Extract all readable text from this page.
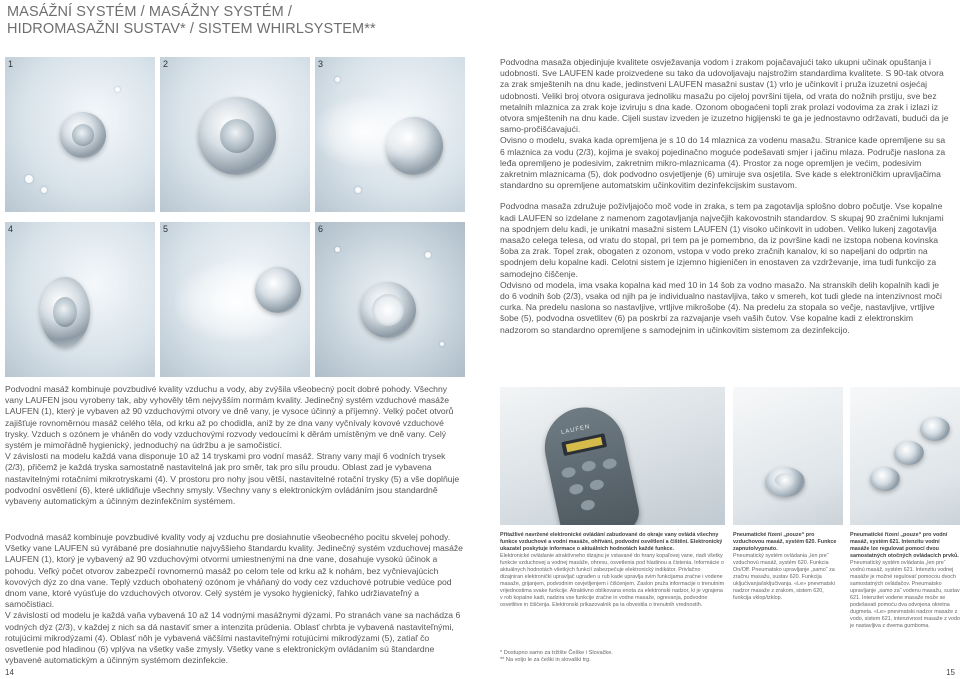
MASÁŽNÍ SYSTÉM / MASÁŽNY SYSTÉM /
HIDROMASAŽNI SUSTAV* / SISTEM WHIRLSYSTEM**
1	2	3
4	5	6

Podvodna masaža objedinjuje kvalitete osvježavanja vodom i zrakom pojačavajući tako ukupni učinak opuštanja i udobnosti. Sve LAUFEN kade proizvedene su tako da udovoljavaju najstrožim standardima kvalitete. S 90-tak otvora za zrak smještenih na dnu kade, jedinstveni LAUFEN masažni sustav (1) vrlo je učinkovit i pruža izuzetni osjećaj udobnosti. Veliki broj otvora osigurava jednoliku masažu po cijeloj površini tijela, od vrata do nožnih prstiju, sve bez metalnih mlaznica za zrak koje izviruju s dna kade. Ozonom obogaćeni topli zrak prolazi vodovima za zrak i izlazi iz otvora smještenih na dnu kade. Cijeli sustav izveden je izuzetno higijenski te ga je jednostavno održavati, budući da je samo-pročišćavajući.

Ovisno o modelu, svaka kada opremljena je s 10 do 14 mlaznica za vodenu masažu. Stranice kade opremljene su sa 6 mlaznica za vodu (2/3), kojima je svakoj pojedinačno moguće podešavati smjer i jačinu mlaza. Područje naslona za leđa opremljeno je podesivim, zakretnim mikro-mlaznicama (4). Prostor za noge opremljen je većim, podesivim zakretnim mlaznicama (5), dok podvodno osvjetljenje (6) umiruje sva osjetila. Sve kade s elektroničkim upravljačima standardno su opremljene automatskim učinkovitim dezinfekcijskim sustavom.

Podvodna masaža združuje poživljajočo moč vode in zraka, s tem pa zagotavlja splošno dobro počutje. Vse kopalne kadi LAUFEN so izdelane z namenom zagotavljanja največjih kakovostnih standardov. S skupaj 90 zračnimi luknjami na spodnjem delu kadi, je unikatni masažni sistem LAUFEN (1) visoko učinkovit in udoben. Veliko lukenj zagotavlja masažo celega telesa, od vratu do stopal, pri tem pa je pomembno, da iz površine kadi ne izstopa nobena kovinska šoba za zrak. Topel zrak, obogaten z ozonom, vstopa v vodo preko zračnih kanalov, ki so napeljani do odprtin na spodnjem delu kopalne kadi. Celotni sistem je izjemno higieničen in enostaven za vzdrževanje, ima tudi funkcijo za samodejno čiščenje.

Odvisno od modela, ima vsaka kopalna kad med 10 in 14 šob za vodno masažo. Na stranskih delih kopalnih kadi je do 6 vodnih šob (2/3), vsaka od njih pa je individualno nastavljiva, tako v smereh, kot tudi glede na intenzivnost moči curka. Na predelu naslona so nastavljive, vrtljive mikrošobe (4). Na predelu za stopala so večje, nastavljive, vrtljive šobe (5), podvodna osvetlitev (6) pa poskrbi za razvajanje vseh vaših čutov. Vse kopalne kadi z elektronskim nadzorom so standardno opremljene s samodejnim in učinkovitim sistemom za dezinfekcijo.

Podvodní masáž kombinuje povzbudivé kvality vzduchu a vody, aby zvýšila všeobecný pocit dobré pohody. Všechny vany LAUFEN jsou vyrobeny tak, aby vyhověly těm nejvyšším normám kvality. Jedinečný systém vzduchové masáže LAUFEN (1), který je vybaven až 90 vzduchovými otvory ve dně vany, je vysoce účinný a příjemný. Velký počet otvorů zajišťuje rovnoměrnou masáž celého těla, od krku až po chodidla, aniž by ze dna vany vyčnívaly kovové vzduchové trysky. Vzduch s ozónem je vháněn do vody vzduchovými rozvody vedoucími k děrám umístěným ve dně vany. Celý systém je mimořádně hygienický, jednoduchý na údržbu a je samočisticí.

V závislosti na modelu každá vana disponuje 10 až 14 tryskami pro vodní masáž. Strany vany mají 6 vodních trysek (2/3), přičemž je každá tryska samostatně nastavitelná jak pro směr, tak pro sílu proudu. Oblast zad je vybavena nastavitelnými rotačními mikrotryskami (4). V prostoru pro nohy jsou větší, nastavitelné rotační trysky (5) a vše doplňuje podvodní osvětlení (6), které uklidňuje všechny smysly. Všechny vany s elektronickým ovládáním jsou standardně vybaveny automatickým a účinným dezinfekčním systémem.

Podvodná masáž kombinuje povzbudivé kvality vody aj vzduchu pre dosiahnutie všeobecného pocitu skvelej pohody. Všetky vane LAUFEN sú vyrábané pre dosiahnutie najvyššieho štandardu kvality. Jedinečný systém vzduchovej masáže LAUFEN (1), ktorý je vybavený až 90 vzduchovými otvormi umiestnenými na dne vane, dosahuje vysokú účinok a pohodu. Veľký počet otvorov zabezpečí rovnomernú masáž po celom tele od krku až k nohám, bez vyčnievajúcich kovových dýz zo dna vane. Teplý vzduch obohatený ozónom je vháňaný do vody cez vzduchové potrubie vedúce pod dnom vane, ktoré vyúsťuje do vzduchových otvorov. Celý systém je vysoko hygienický, ľahko udržiavateľný a samočistiaci.

V závislosti od modelu je každá vaňa vybavená 10 až 14 vodnými masážnymi dýzami. Po stranách vane sa nachádza 6 vodných dýz (2/3), v každej z nich sa dá nastaviť smer a intenzita prúdenia. Oblasť chrbta je vybavená nastaviteľnými, rotujúcimi mikrodýzami (4). Oblasť nôh je vybavená väčšími nastaviteľnými rotujúcimi mikrodýzami (5), zatiaľ čo osvetlenie pod hladinou (6) vplýva na všetky vaše zmysly. Všetky vane s elektronickým ovládaním sú štandardne vybavené automatickým a účinným systémom dezinfekcie.

LAUFEN
Přitažlivé navržené elektronické ovládání zabudované do okraje vany ovládá všechny funkce vzduchové a vodní masáže, ohřívání, podvodní osvětlení a čištění. Elektronický ukazatel poskytuje informace o aktuálních hodnotách každé funkce.
Elektronické ovládanie atraktívneho dizajnu je vstavané do hrany kopaľovej vane, riadi všetky funkcie vzduchovej a vodnej masáže, ohrevu, osvetlenia pod hladinou a čistenia. Informácie o aktuálnych hodnotách všetkých funkcií zabezpečuje elektronický indikátor. Privlačno dizajniran elektronički upravljač ugrađen u rub kade upravlja svim funkcijama zračne i vodene masaže, grijanjem, podvodnim osvjetljenjem i čišćenjem. Zaslon pruža informacije o trenutnim vrijednostima svake funkcije. Atraktivno oblikovana enota za elektronski nadzor, ki je vgrajena v rob kopalne kadi, nadzira vse funkcije zračne in vodne masaže, ogrevanja, podvodne osvetlitve in čiščenja. Elektronski prikazovalnik pa ta obvestila o trenutnih vrednostih.
Pneumatické řízení „pouze“ pro vzduchovou masáž, systém 620. Funkce zapnuto/vypnuto.
Pneumatický systém ovládania „len pre“ vzduchovú masáž, systém 620. Funkcia On/Off. Pneumatsko upravljanje „samo“ za zračnu masažu, sustav 620. Funkcija uključivanja/isključivanja. «Le» pnevmatski nadzor masaže z zrakom, sistem 620, funkcija vklop/izklop.
Pneumatické řízení „pouze“ pro vodní masáž, systém 621. Intenzitu vodní masáže lze regulovat pomocí dvou samostatných otočných ovládacích prvků.
Pneumatický systém ovládania „len pre“ vodnú masáž, systém 621. Intenzitu vodnej masáže je možné regulovať pomocou dvoch samostatných ovládačov. Pneumatsko upravljanje „samo za“ vodenu masažu, sustav 621. Intenzitet vodene masaže može se podešavati pomoću dva odvojena okretna dugmeta. «Le» pnevmatski nadzor masaže z vodo, sistem 621, intenzivnost masaže z vodo je nastavljiva z dvema gumboma.
* Dostupno samo za tržište Češke i Slovačke.
** Na voljo le za češki in slovaški trg.
14	15
